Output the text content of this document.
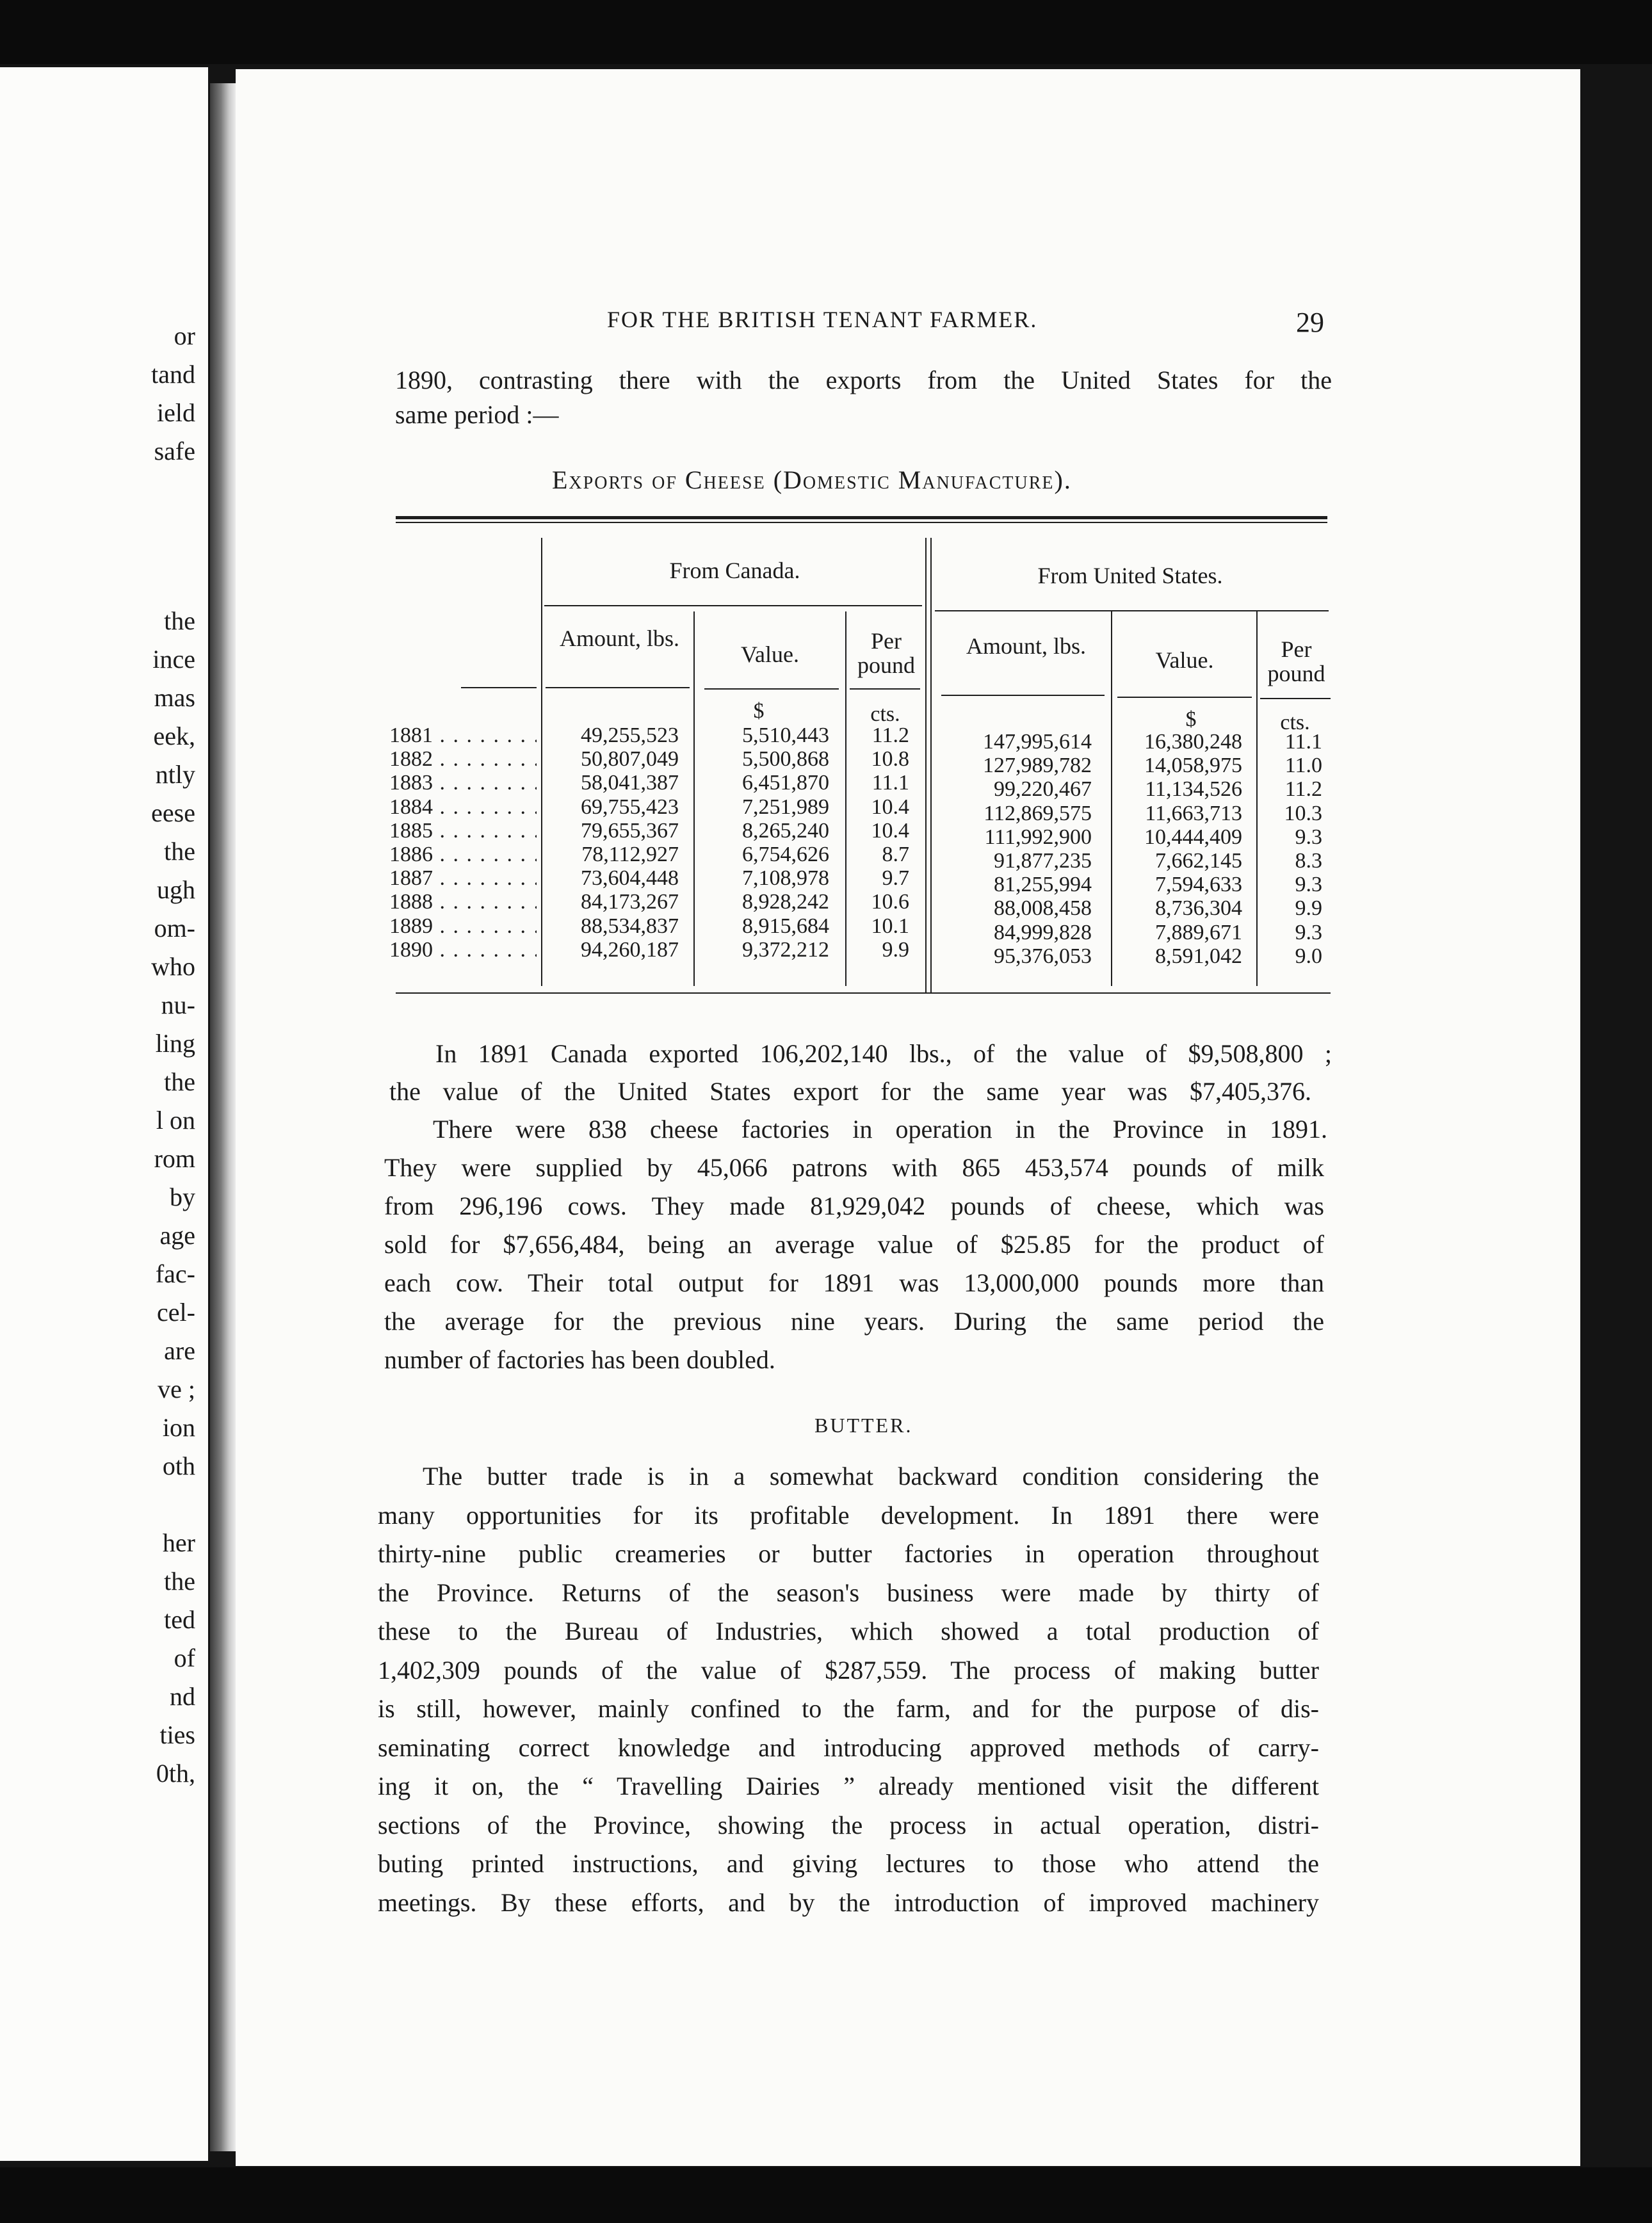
or

tand

ield

safe

the

ince

mas

eek,

ntly

eese

the

ugh

om-

who

nu-

ling

the

l on

rom

by

age

fac-

cel-

are

ve ;

ion

oth

her

the

ted

of

nd

ties

0th,

FOR THE BRITISH TENANT FARMER.	29

1890, contrasting there with the exports from the United States for the

same period :—

Exports of Cheese (Domestic Manufacture).
From Canada.	From United States.
Amount, lbs.
Value.
Per pound
Amount, lbs.
Value.	Per pound
$	cts.	$	cts.
1881 . . .	49,255,523	5,510,443	11.2	147,995,614	16,380,248	11.1
1882 . . .	50,807,049	5,500,868	10.8	127,989,782	14,058,975	11.0
1883 . . .	58,041,387	6,451,870	11.1	99,220,467	11,134,526	11.2
1884 . . .	69,755,423	7,251,989	10.4	112,869,575	11,663,713	10.3
1885 . . .	79,655,367	8,265,240	10.4	111,992,900	10,444,409	9.3
1886 . . .	78,112,927	6,754,626	8.7	91,877,235	7,662,145	8.3
1887 . . .	73,604,448	7,108,978	9.7	81,255,994	7,594,633	9.3
1888 . . .	84,173,267	8,928,242	10.6	88,008,458	8,736,304	9.9
1889 . . .	88,534,837	8,915,684	10.1	84,999,828	7,889,671	9.3
1890 . . .	94,260,187	9,372,212	9.9	95,376,053	8,591,042	9.0

In 1891 Canada exported 106,202,140 lbs., of the value of $9,508,800 ;

the value of the United States export for the same year was $7,405,376.

There were 838 cheese factories in operation in the Province in 1891.

They were supplied by 45,066 patrons with 865 453,574 pounds of milk

from 296,196 cows. They made 81,929,042 pounds of cheese, which was

sold for $7,656,484, being an average value of $25.85 for the product of

each cow. Their total output for 1891 was 13,000,000 pounds more than

the average for the previous nine years. During the same period the

number of factories has been doubled.

BUTTER.

The butter trade is in a somewhat backward condition considering the

many opportunities for its profitable development. In 1891 there were

thirty-nine public creameries or butter factories in operation throughout

the Province. Returns of the season's business were made by thirty of

these to the Bureau of Industries, which showed a total production of

1,402,309 pounds of the value of $287,559. The process of making butter

is still, however, mainly confined to the farm, and for the purpose of dis-

seminating correct knowledge and introducing approved methods of carry-

ing it on, the “ Travelling Dairies ” already mentioned visit the different

sections of the Province, showing the process in actual operation, distri-

buting printed instructions, and giving lectures to those who attend the

meetings. By these efforts, and by the introduction of improved machinery
